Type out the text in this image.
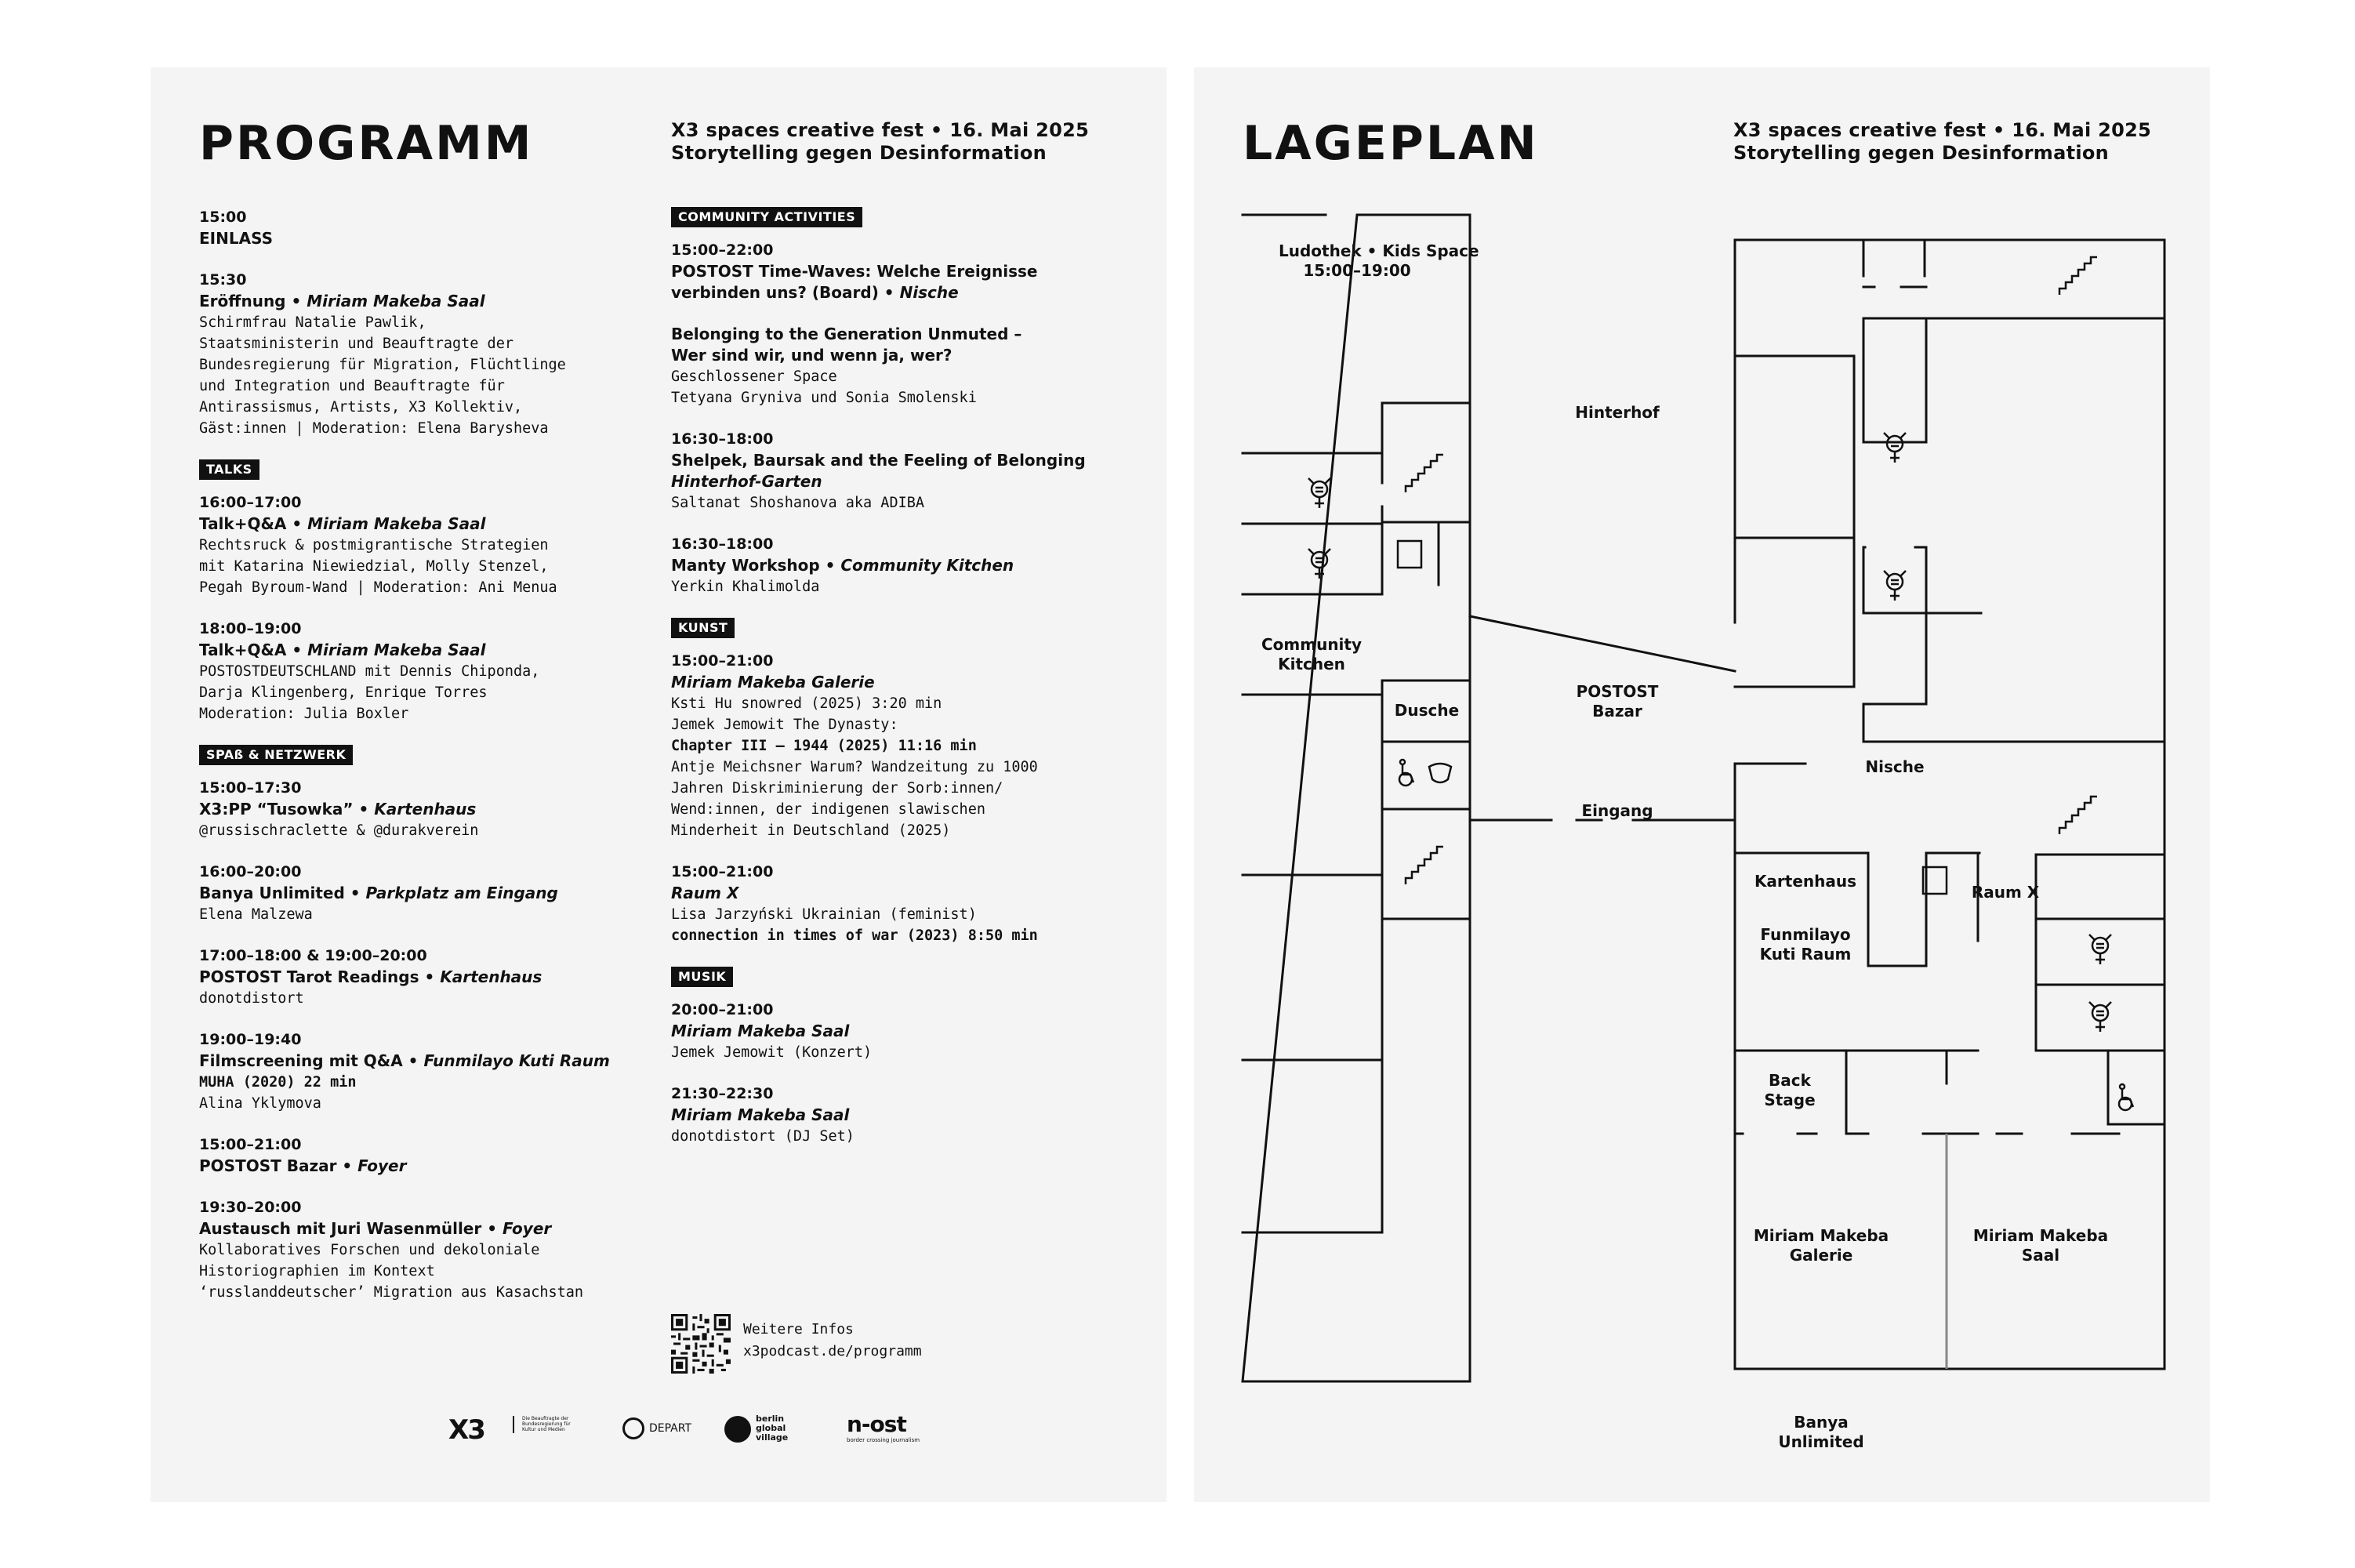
PROGRAMM	X3 spaces creative fest • 16. Mai 2025
Storytelling gegen Desinformation
15:00
EINLASS
15:30
Eröffnung • Miriam Makeba Saal
Schirmfrau Natalie Pawlik,
Staatsministerin und Beauftragte der
Bundesregierung für Migration, Flüchtlinge
und Integration und Beauftragte für
Antirassismus, Artists, X3 Kollektiv,
Gäst:innen | Moderation: Elena Barysheva
TALKS
16:00–17:00
Talk+Q&A • Miriam Makeba Saal
Rechtsruck & postmigrantische Strategien
mit Katarina Niewiedzial, Molly Stenzel,
Pegah Byroum-Wand | Moderation: Ani Menua
18:00–19:00
Talk+Q&A • Miriam Makeba Saal
POSTOSTDEUTSCHLAND mit Dennis Chiponda,
Darja Klingenberg, Enrique Torres
Moderation: Julia Boxler
SPAß & NETZWERK
15:00–17:30
X3:PP “Tusowka” • Kartenhaus
@russischraclette & @durakverein
16:00–20:00
Banya Unlimited • Parkplatz am Eingang
Elena Malzewa
17:00–18:00 & 19:00–20:00
POSTOST Tarot Readings • Kartenhaus
donotdistort
19:00–19:40
Filmscreening mit Q&A • Funmilayo Kuti Raum
MUHA (2020) 22 min
Alina Yklymova
15:00–21:00
POSTOST Bazar • Foyer
19:30–20:00
Austausch mit Juri Wasenmüller • Foyer
Kollaboratives Forschen und dekoloniale
Historiographien im Kontext
‘russlanddeutscher’ Migration aus Kasachstan
COMMUNITY ACTIVITIES
15:00–22:00
POSTOST Time-Waves: Welche Ereignisse
verbinden uns? (Board) • Nische
Belonging to the Generation Unmuted –
Wer sind wir, und wenn ja, wer?
Geschlossener Space
Tetyana Gryniva und Sonia Smolenski
16:30–18:00
Shelpek, Baursak and the Feeling of Belonging
Hinterhof-Garten
Saltanat Shoshanova aka ADIBA
16:30–18:00
Manty Workshop • Community Kitchen
Yerkin Khalimolda
KUNST
15:00–21:00
Miriam Makeba Galerie
Ksti Hu snowred (2025) 3:20 min
Jemek Jemowit The Dynasty:
Chapter III – 1944 (2025) 11:16 min
Antje Meichsner Warum? Wandzeitung zu 1000
Jahren Diskriminierung der Sorb:innen/
Wend:innen, der indigenen slawischen
Minderheit in Deutschland (2025)
15:00–21:00
Raum X
Lisa Jarzyński Ukrainian (feminist)
connection in times of war (2023) 8:50 min
MUSIK
20:00–21:00
Miriam Makeba Saal
Jemek Jemowit (Konzert)
21:30–22:30
Miriam Makeba Saal
donotdistort (DJ Set)
Weitere Infos
x3podcast.de/programm
X3	Die Beauftragte der Bundesregierung für Kultur und Medien	DEPART
berlin global village
n-ost
border crossing journalism
LAGEPLAN	X3 spaces creative fest • 16. Mai 2025
Storytelling gegen Desinformation
Ludothek • Kids Space
15:00–19:00
Hinterhof
Community
Kitchen
POSTOST
Bazar
Dusche
Eingang
Nische
Kartenhaus
Raum X
Funmilayo
Kuti Raum
Back
Stage
Miriam Makeba
Galerie
Miriam Makeba
Saal
Banya
Unlimited
